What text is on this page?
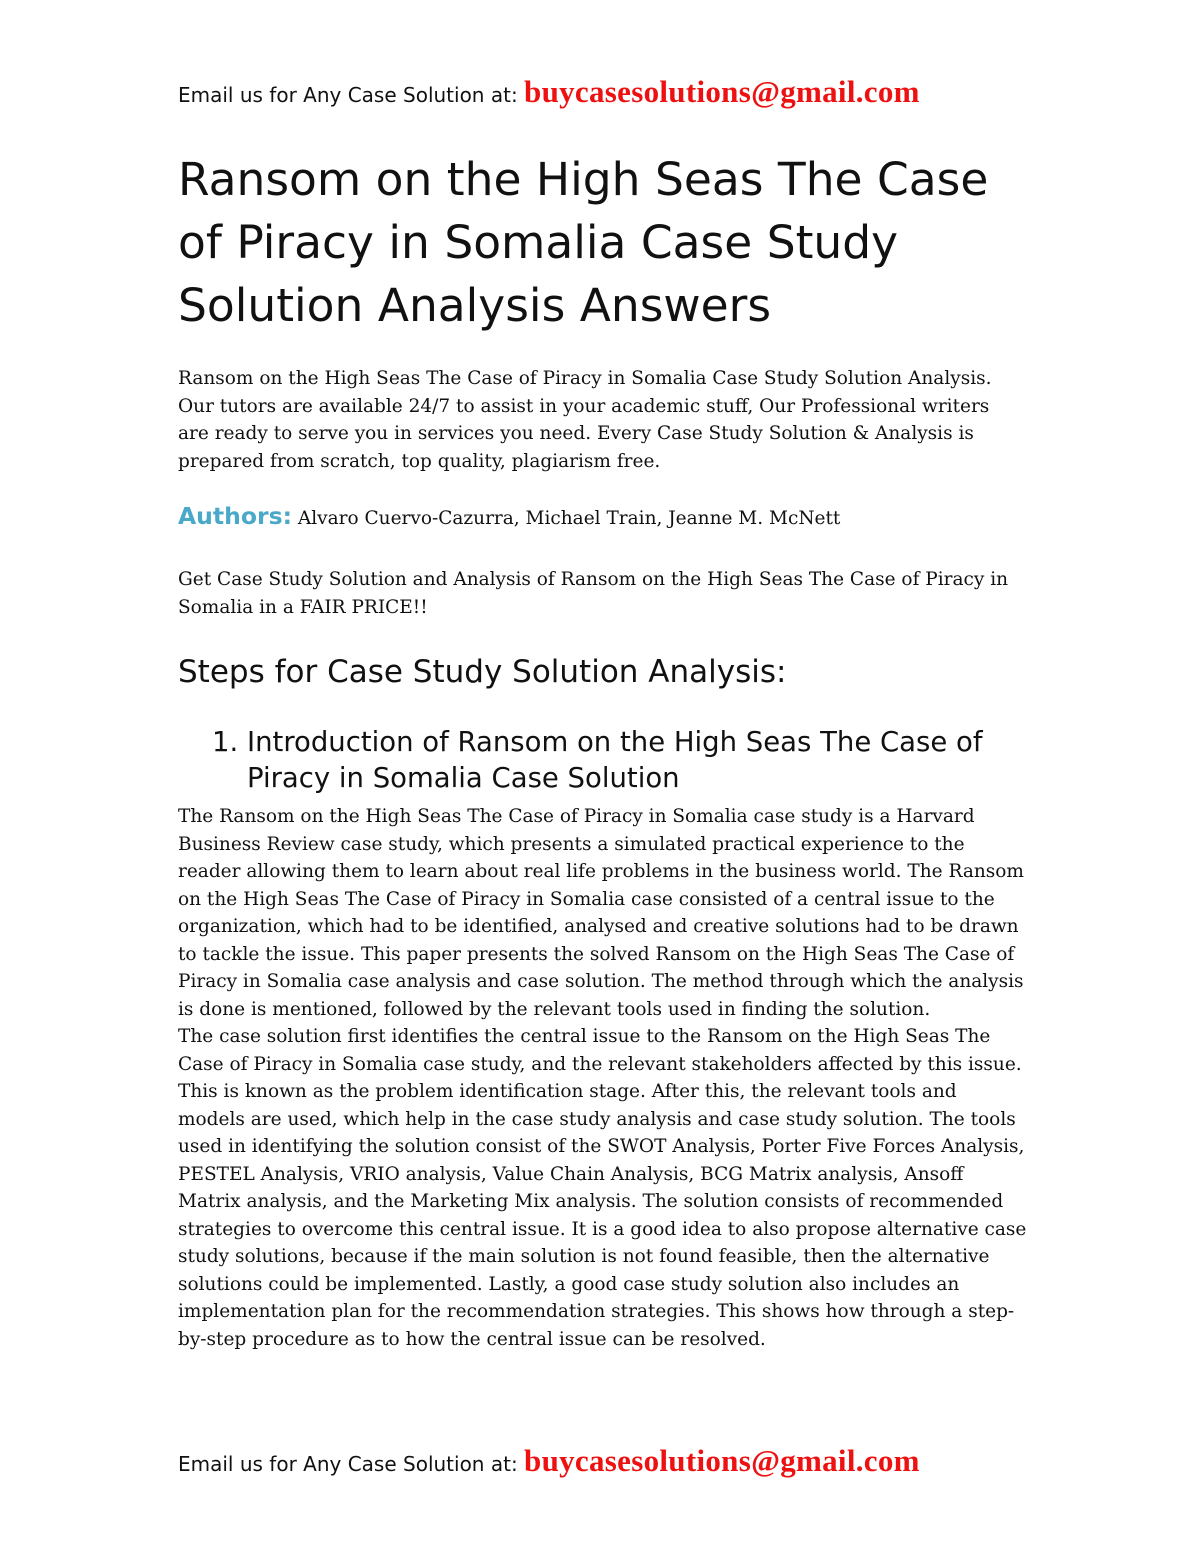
Email us for Any Case Solution at: buycasesolutions@gmail.com
Ransom on the High Seas The Case of Piracy in Somalia Case Study Solution Analysis Answers

Ransom on the High Seas The Case of Piracy in Somalia Case Study Solution Analysis. Our tutors are available 24/7 to assist in your academic stuff, Our Professional writers are ready to serve you in services you need. Every Case Study Solution & Analysis is prepared from scratch, top quality, plagiarism free.

Authors: Alvaro Cuervo-Cazurra, Michael Train, Jeanne M. McNett

Get Case Study Solution and Analysis of Ransom on the High Seas The Case of Piracy in Somalia in a FAIR PRICE!!

Steps for Case Study Solution Analysis:
1. Introduction of Ransom on the High Seas The Case of Piracy in Somalia Case Solution

The Ransom on the High Seas The Case of Piracy in Somalia case study is a Harvard Business Review case study, which presents a simulated practical experience to the reader allowing them to learn about real life problems in the business world. The Ransom on the High Seas The Case of Piracy in Somalia case consisted of a central issue to the organization, which had to be identified, analysed and creative solutions had to be drawn to tackle the issue. This paper presents the solved Ransom on the High Seas The Case of Piracy in Somalia case analysis and case solution. The method through which the analysis is done is mentioned, followed by the relevant tools used in finding the solution.

The case solution first identifies the central issue to the Ransom on the High Seas The Case of Piracy in Somalia case study, and the relevant stakeholders affected by this issue. This is known as the problem identification stage. After this, the relevant tools and models are used, which help in the case study analysis and case study solution. The tools used in identifying the solution consist of the SWOT Analysis, Porter Five Forces Analysis, PESTEL Analysis, VRIO analysis, Value Chain Analysis, BCG Matrix analysis, Ansoff Matrix analysis, and the Marketing Mix analysis. The solution consists of recommended strategies to overcome this central issue. It is a good idea to also propose alternative case study solutions, because if the main solution is not found feasible, then the alternative solutions could be implemented. Lastly, a good case study solution also includes an implementation plan for the recommendation strategies. This shows how through a step-by-step procedure as to how the central issue can be resolved.

Email us for Any Case Solution at: buycasesolutions@gmail.com
